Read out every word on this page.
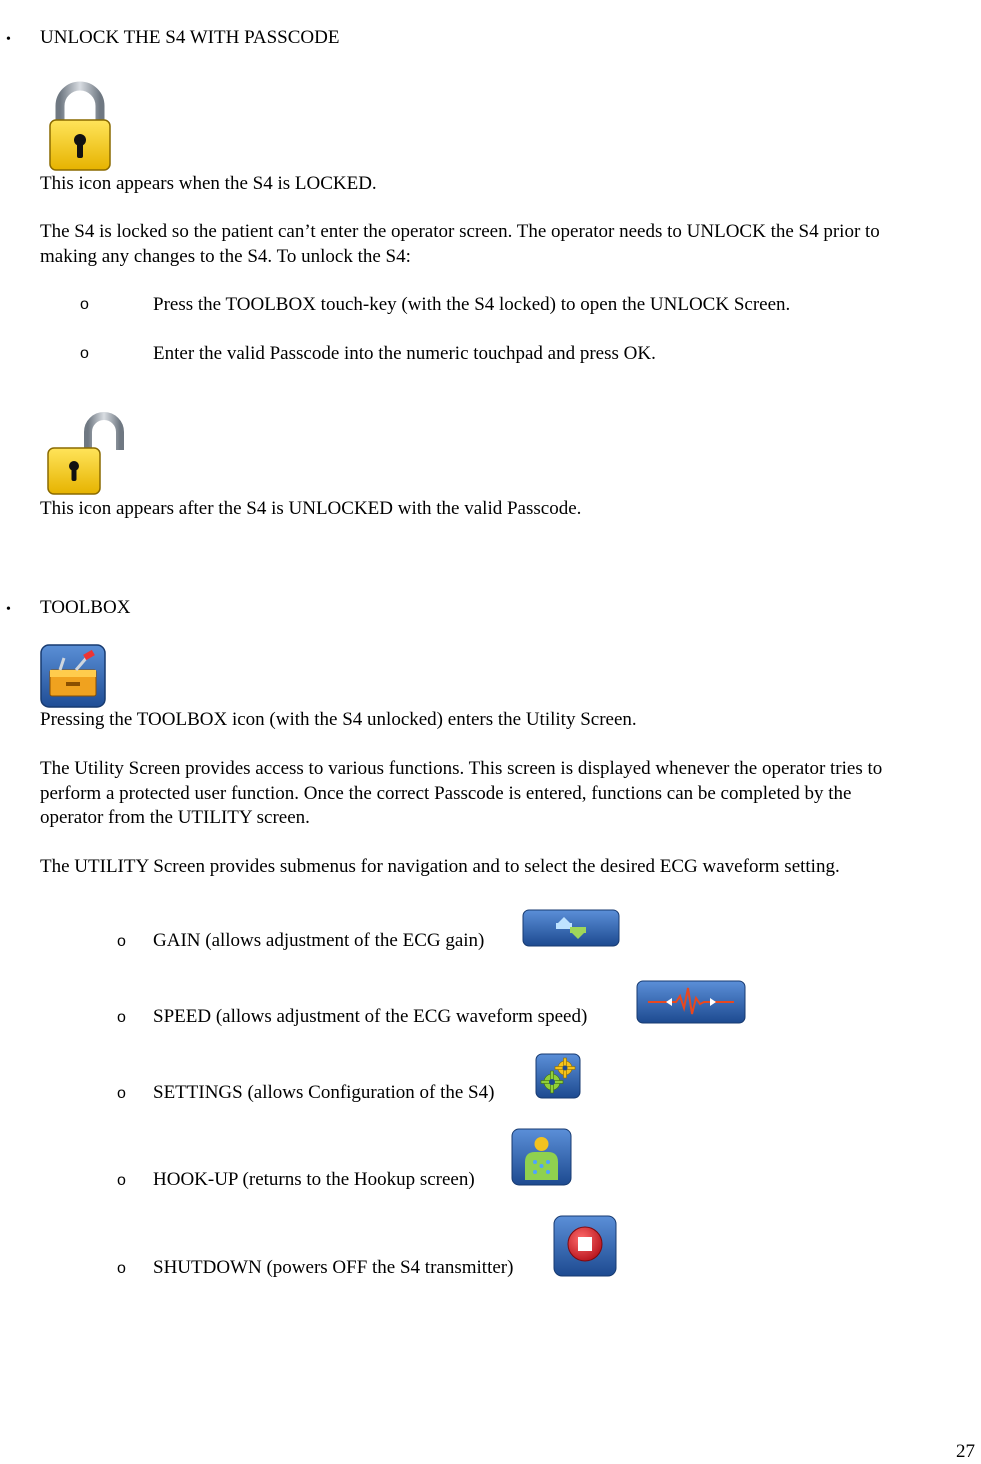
• UNLOCK THE S4 WITH PASSCODE
This icon appears when the S4 is LOCKED.
The S4 is locked so the patient can’t enter the operator screen. The operator needs to UNLOCK the S4 prior to
making any changes to the S4. To unlock the S4:
o	Press the TOOLBOX touch-key (with the S4 locked) to open the UNLOCK Screen.
o	Enter the valid Passcode into the numeric touchpad and press OK.
This icon appears after the S4 is UNLOCKED with the valid Passcode.
• TOOLBOX
Pressing the TOOLBOX icon (with the S4 unlocked) enters the Utility Screen.
The Utility Screen provides access to various functions. This screen is displayed whenever the operator tries to
perform a protected user function. Once the correct Passcode is entered, functions can be completed by the
operator from the UTILITY screen.
The UTILITY Screen provides submenus for navigation and to select the desired ECG waveform setting.
o GAIN (allows adjustment of the ECG gain)
o SPEED (allows adjustment of the ECG waveform speed)
o SETTINGS (allows Configuration of the S4)
o HOOK-UP (returns to the Hookup screen)
o SHUTDOWN (powers OFF the S4 transmitter)
27
